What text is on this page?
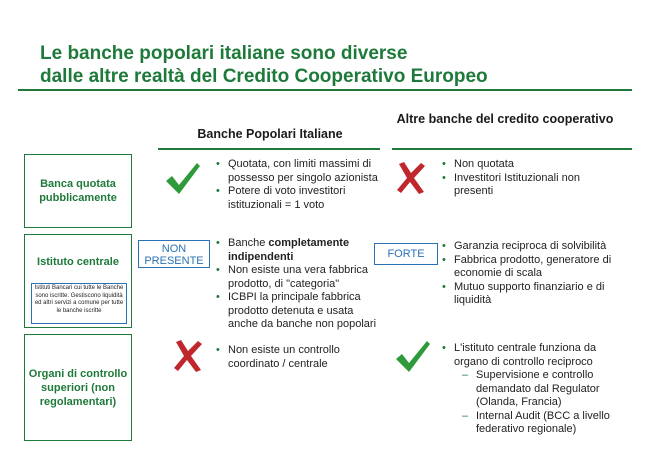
Le banche popolari italiane sono diverse
dalle altre realtà del Credito Cooperativo Europeo
Banche Popolari Italiane
Altre banche del credito cooperativo
Banca quotata pubblicamente
• Quotata, con limiti massimi di possesso per singolo azionista
• Potere di voto investitori istituzionali = 1 voto
• Non quotata
• Investitori Istituzionali non presenti
Istituto centrale
Istituti Bancari cui tutte le Banche sono iscritte. Gestiscono liquidità ed altri servizi a comune per tutte le banche iscritte
NON PRESENTE
• Banche completamente indipendenti
• Non esiste una vera fabbrica prodotto, di "categoria"
• ICBPI la principale fabbrica prodotto detenuta e usata anche da banche non popolari
FORTE
• Garanzia reciproca di solvibilità
• Fabbrica prodotto, generatore di economie di scala
• Mutuo supporto finanziario e di liquidità
Organi di controllo superiori (non regolamentari)
• Non esiste un controllo coordinato / centrale
• L'istituto centrale funziona da organo di controllo reciproco
– Supervisione e controllo demandato dal Regulator (Olanda, Francia)
– Internal Audit (BCC a livello federativo regionale)
